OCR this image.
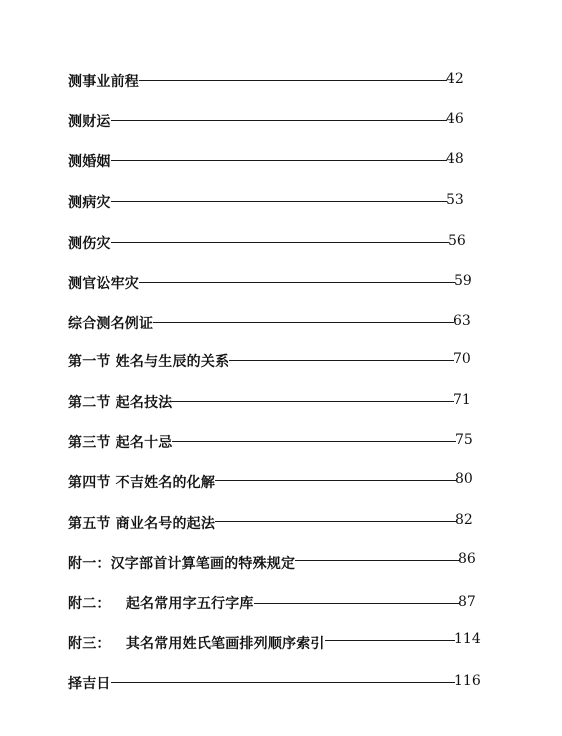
测事业前程	42
测财运	46
测婚姻	48
测病灾	53
测伤灾	56
测官讼牢灾	59
综合测名例证	63
第一节 姓名与生辰的关系	70
第二节 起名技法	71
第三节 起名十忌	75
第四节 不吉姓名的化解	80
第五节 商业名号的起法	82
附一：汉字部首计算笔画的特殊规定	86
附二：   起名常用字五行字库	87
附三：   其名常用姓氏笔画排列顺序索引	114
择吉日	116
